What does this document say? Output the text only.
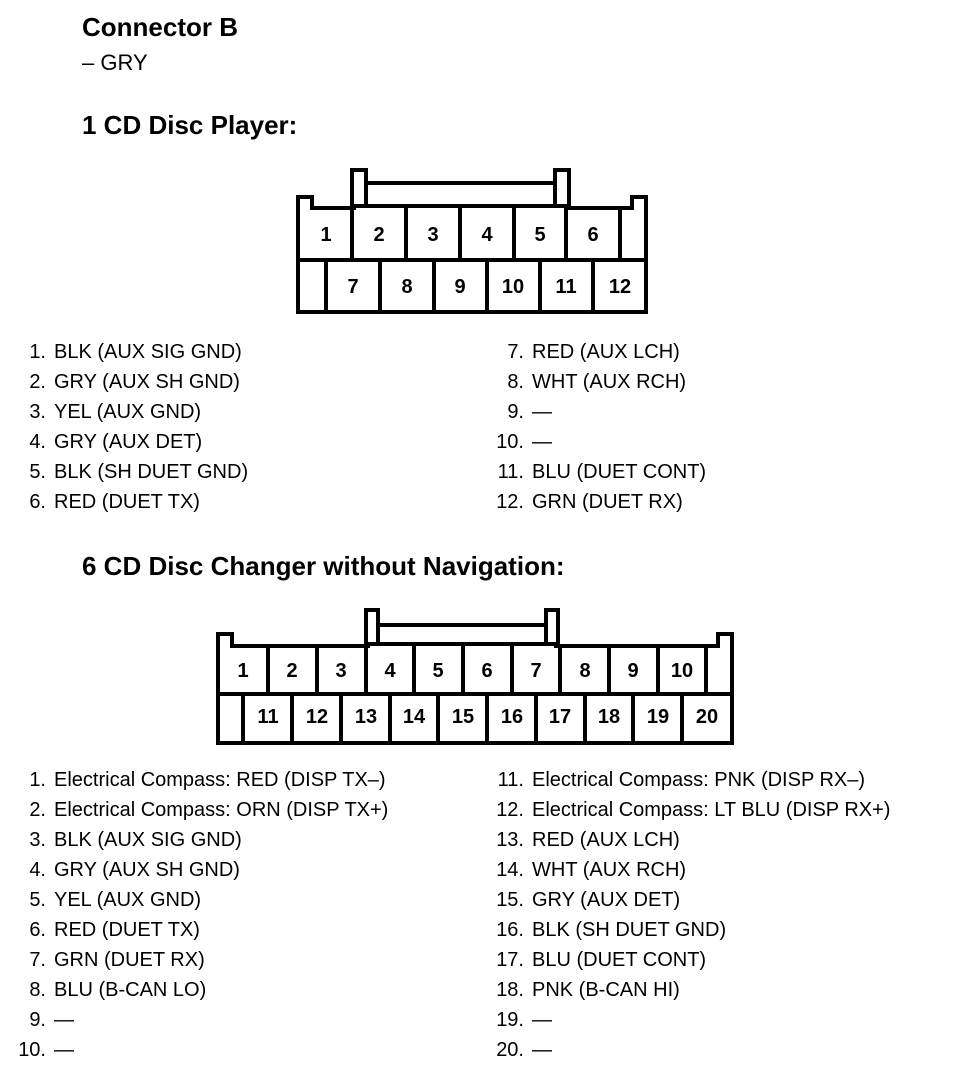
Connector B
– GRY
1 CD Disc Player:
1 2 3 4 5 6
7 8 9 10 11 12
1. BLK (AUX SIG GND)
2. GRY (AUX SH GND)
3. YEL (AUX GND)
4. GRY (AUX DET)
5. BLK (SH DUET GND)
6. RED (DUET TX)
7. RED (AUX LCH)
8. WHT (AUX RCH)
9. —
10. —
11. BLU (DUET CONT)
12. GRN (DUET RX)
6 CD Disc Changer without Navigation:
1 2 3 4 5 6 7 8 9 10
11 12 13 14 15 16 17 18 19 20
1. Electrical Compass: RED (DISP TX–)
2. Electrical Compass: ORN (DISP TX+)
3. BLK (AUX SIG GND)
4. GRY (AUX SH GND)
5. YEL (AUX GND)
6. RED (DUET TX)
7. GRN (DUET RX)
8. BLU (B-CAN LO)
9. —
10. —
11. Electrical Compass: PNK (DISP RX–)
12. Electrical Compass: LT BLU (DISP RX+)
13. RED (AUX LCH)
14. WHT (AUX RCH)
15. GRY (AUX DET)
16. BLK (SH DUET GND)
17. BLU (DUET CONT)
18. PNK (B-CAN HI)
19. —
20. —
